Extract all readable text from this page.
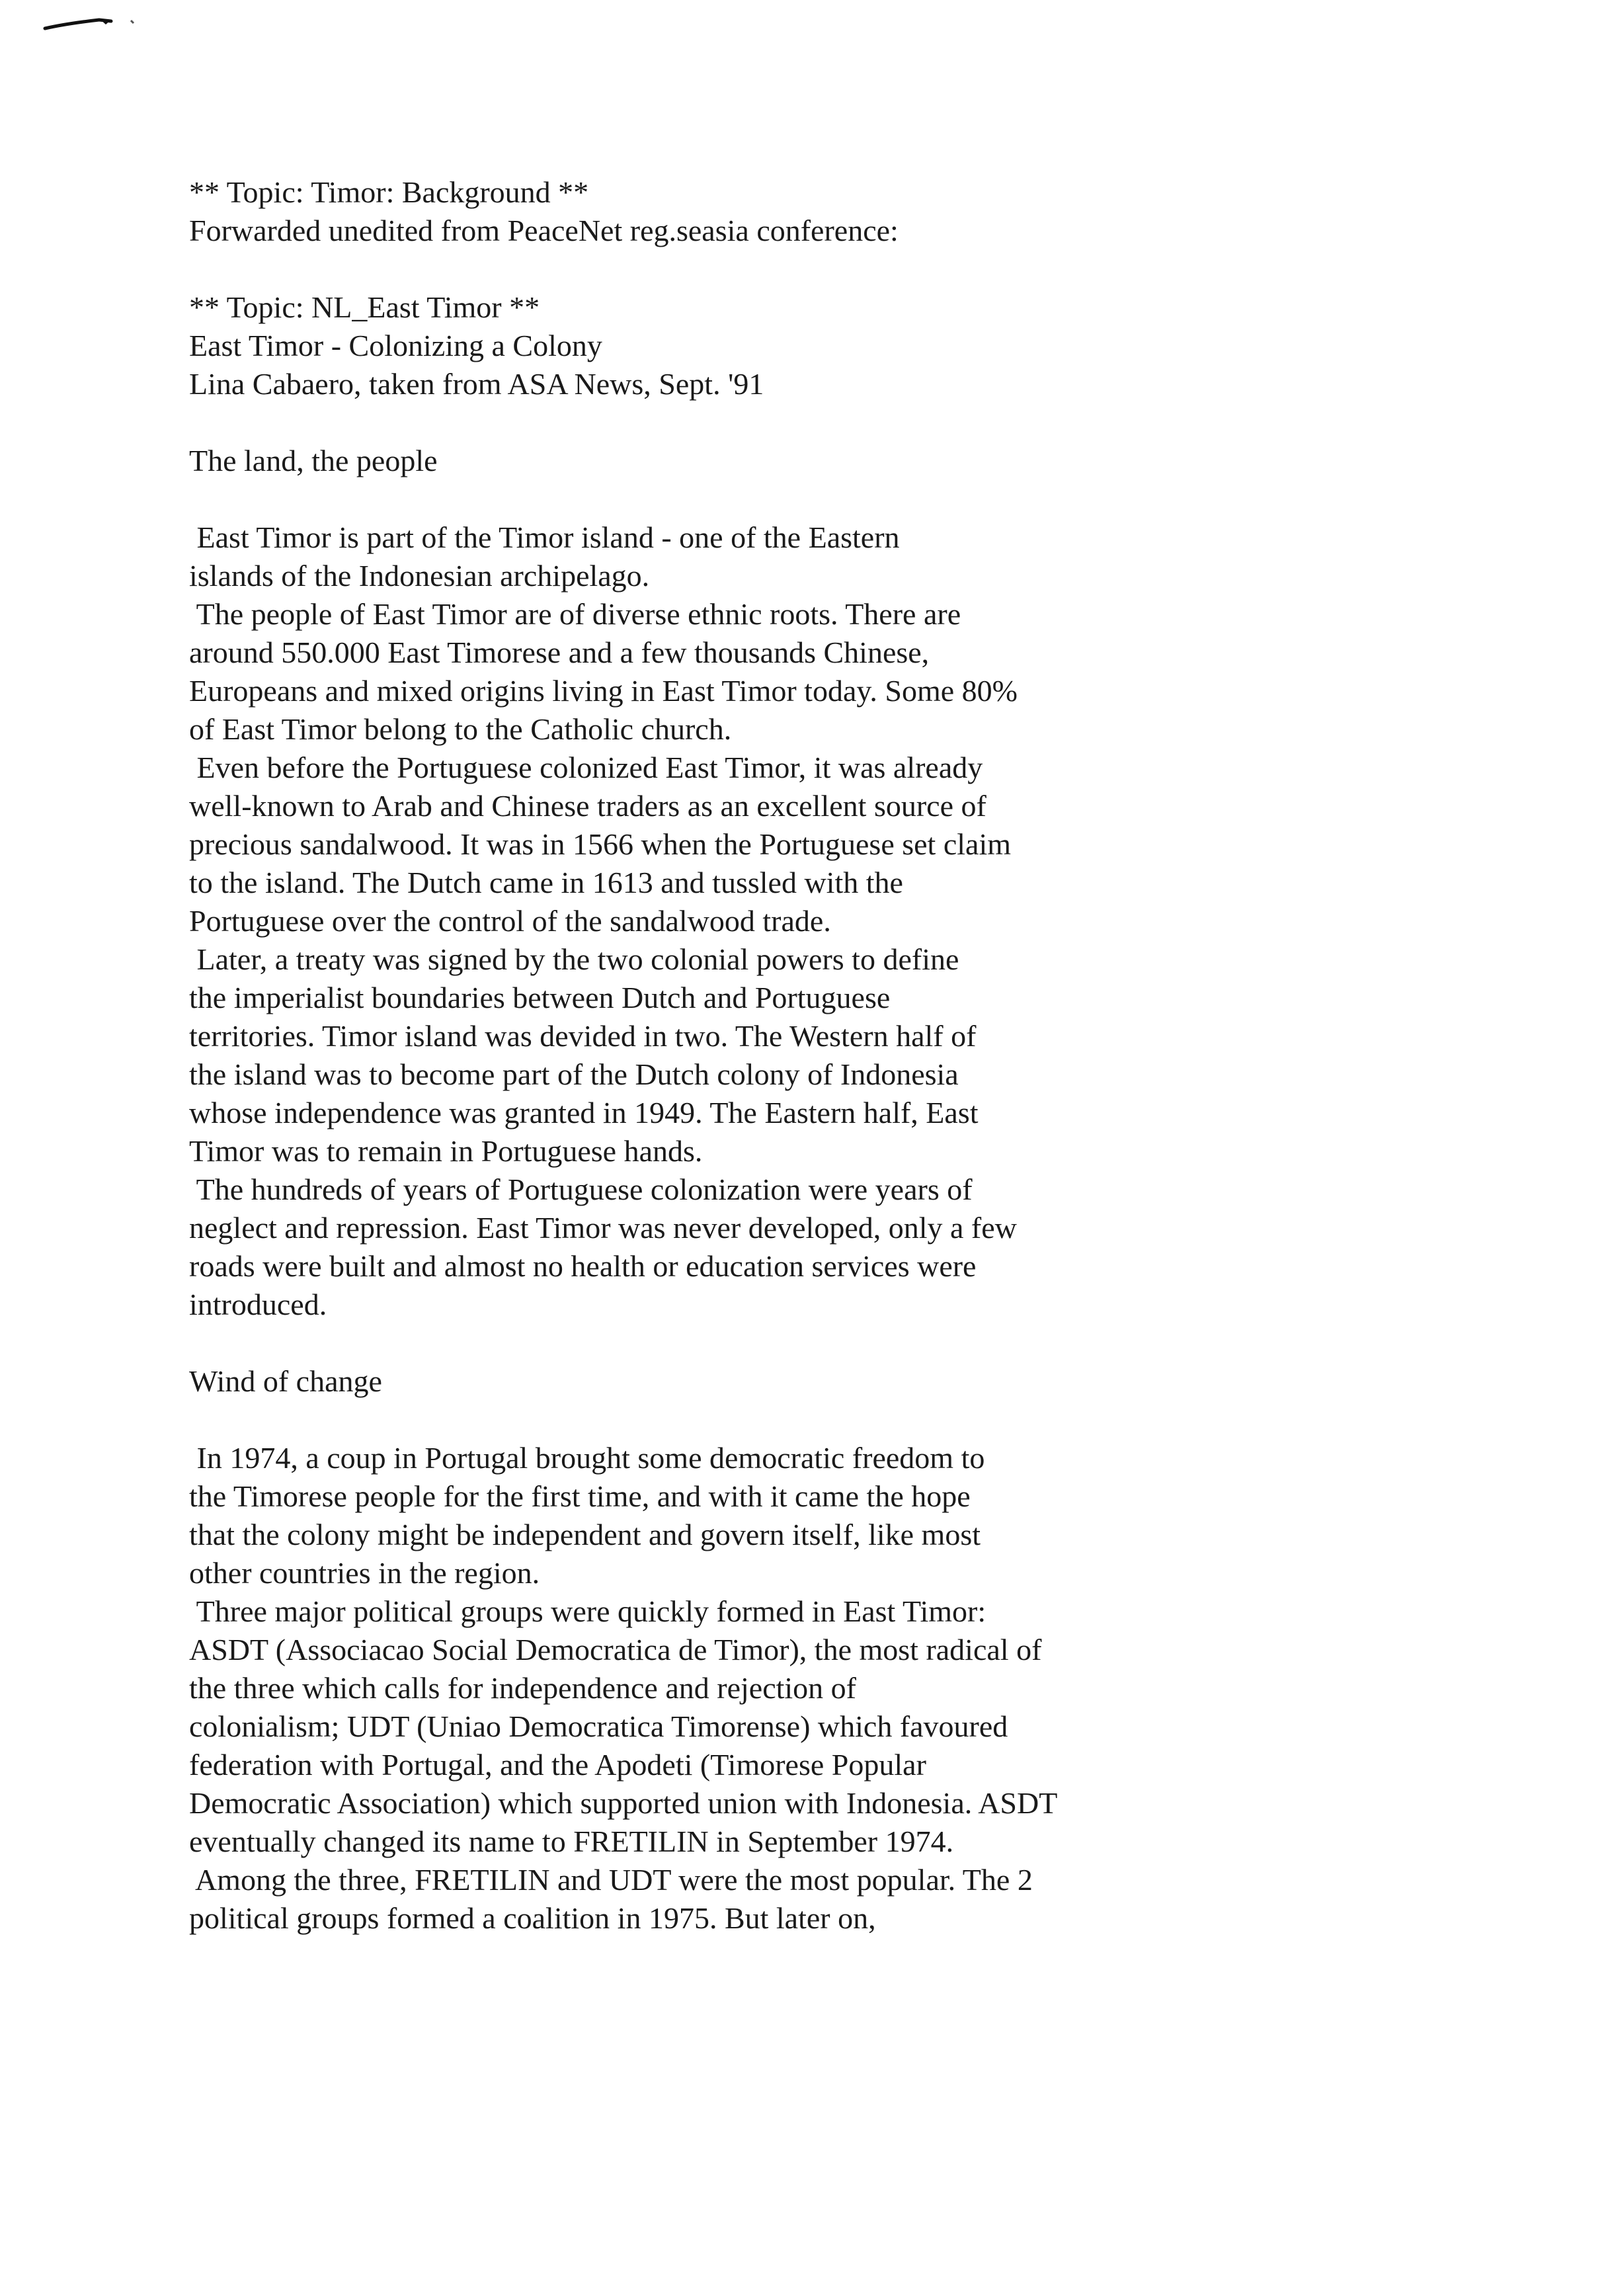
** Topic: Timor: Background **
Forwarded unedited from PeaceNet reg.seasia conference:
** Topic: NL_East Timor **
East Timor - Colonizing a Colony
Lina Cabaero, taken from ASA News, Sept. '91
The land, the people
East Timor is part of the Timor island - one of the Eastern
islands of the Indonesian archipelago.
The people of East Timor are of diverse ethnic roots. There are
around 550.000 East Timorese and a few thousands Chinese,
Europeans and mixed origins living in East Timor today. Some 80%
of East Timor belong to the Catholic church.
Even before the Portuguese colonized East Timor, it was already
well-known to Arab and Chinese traders as an excellent source of
precious sandalwood. It was in 1566 when the Portuguese set claim
to the island. The Dutch came in 1613 and tussled with the
Portuguese over the control of the sandalwood trade.
Later, a treaty was signed by the two colonial powers to define
the imperialist boundaries between Dutch and Portuguese
territories. Timor island was devided in two. The Western half of
the island was to become part of the Dutch colony of Indonesia
whose independence was granted in 1949. The Eastern half, East
Timor was to remain in Portuguese hands.
The hundreds of years of Portuguese colonization were years of
neglect and repression. East Timor was never developed, only a few
roads were built and almost no health or education services were
introduced.
Wind of change
In 1974, a coup in Portugal brought some democratic freedom to
the Timorese people for the first time, and with it came the hope
that the colony might be independent and govern itself, like most
other countries in the region.
Three major political groups were quickly formed in East Timor:
ASDT (Associacao Social Democratica de Timor), the most radical of
the three which calls for independence and rejection of
colonialism; UDT (Uniao Democratica Timorense) which favoured
federation with Portugal, and the Apodeti (Timorese Popular
Democratic Association) which supported union with Indonesia. ASDT
eventually changed its name to FRETILIN in September 1974.
Among the three, FRETILIN and UDT were the most popular. The 2
political groups formed a coalition in 1975. But later on,
